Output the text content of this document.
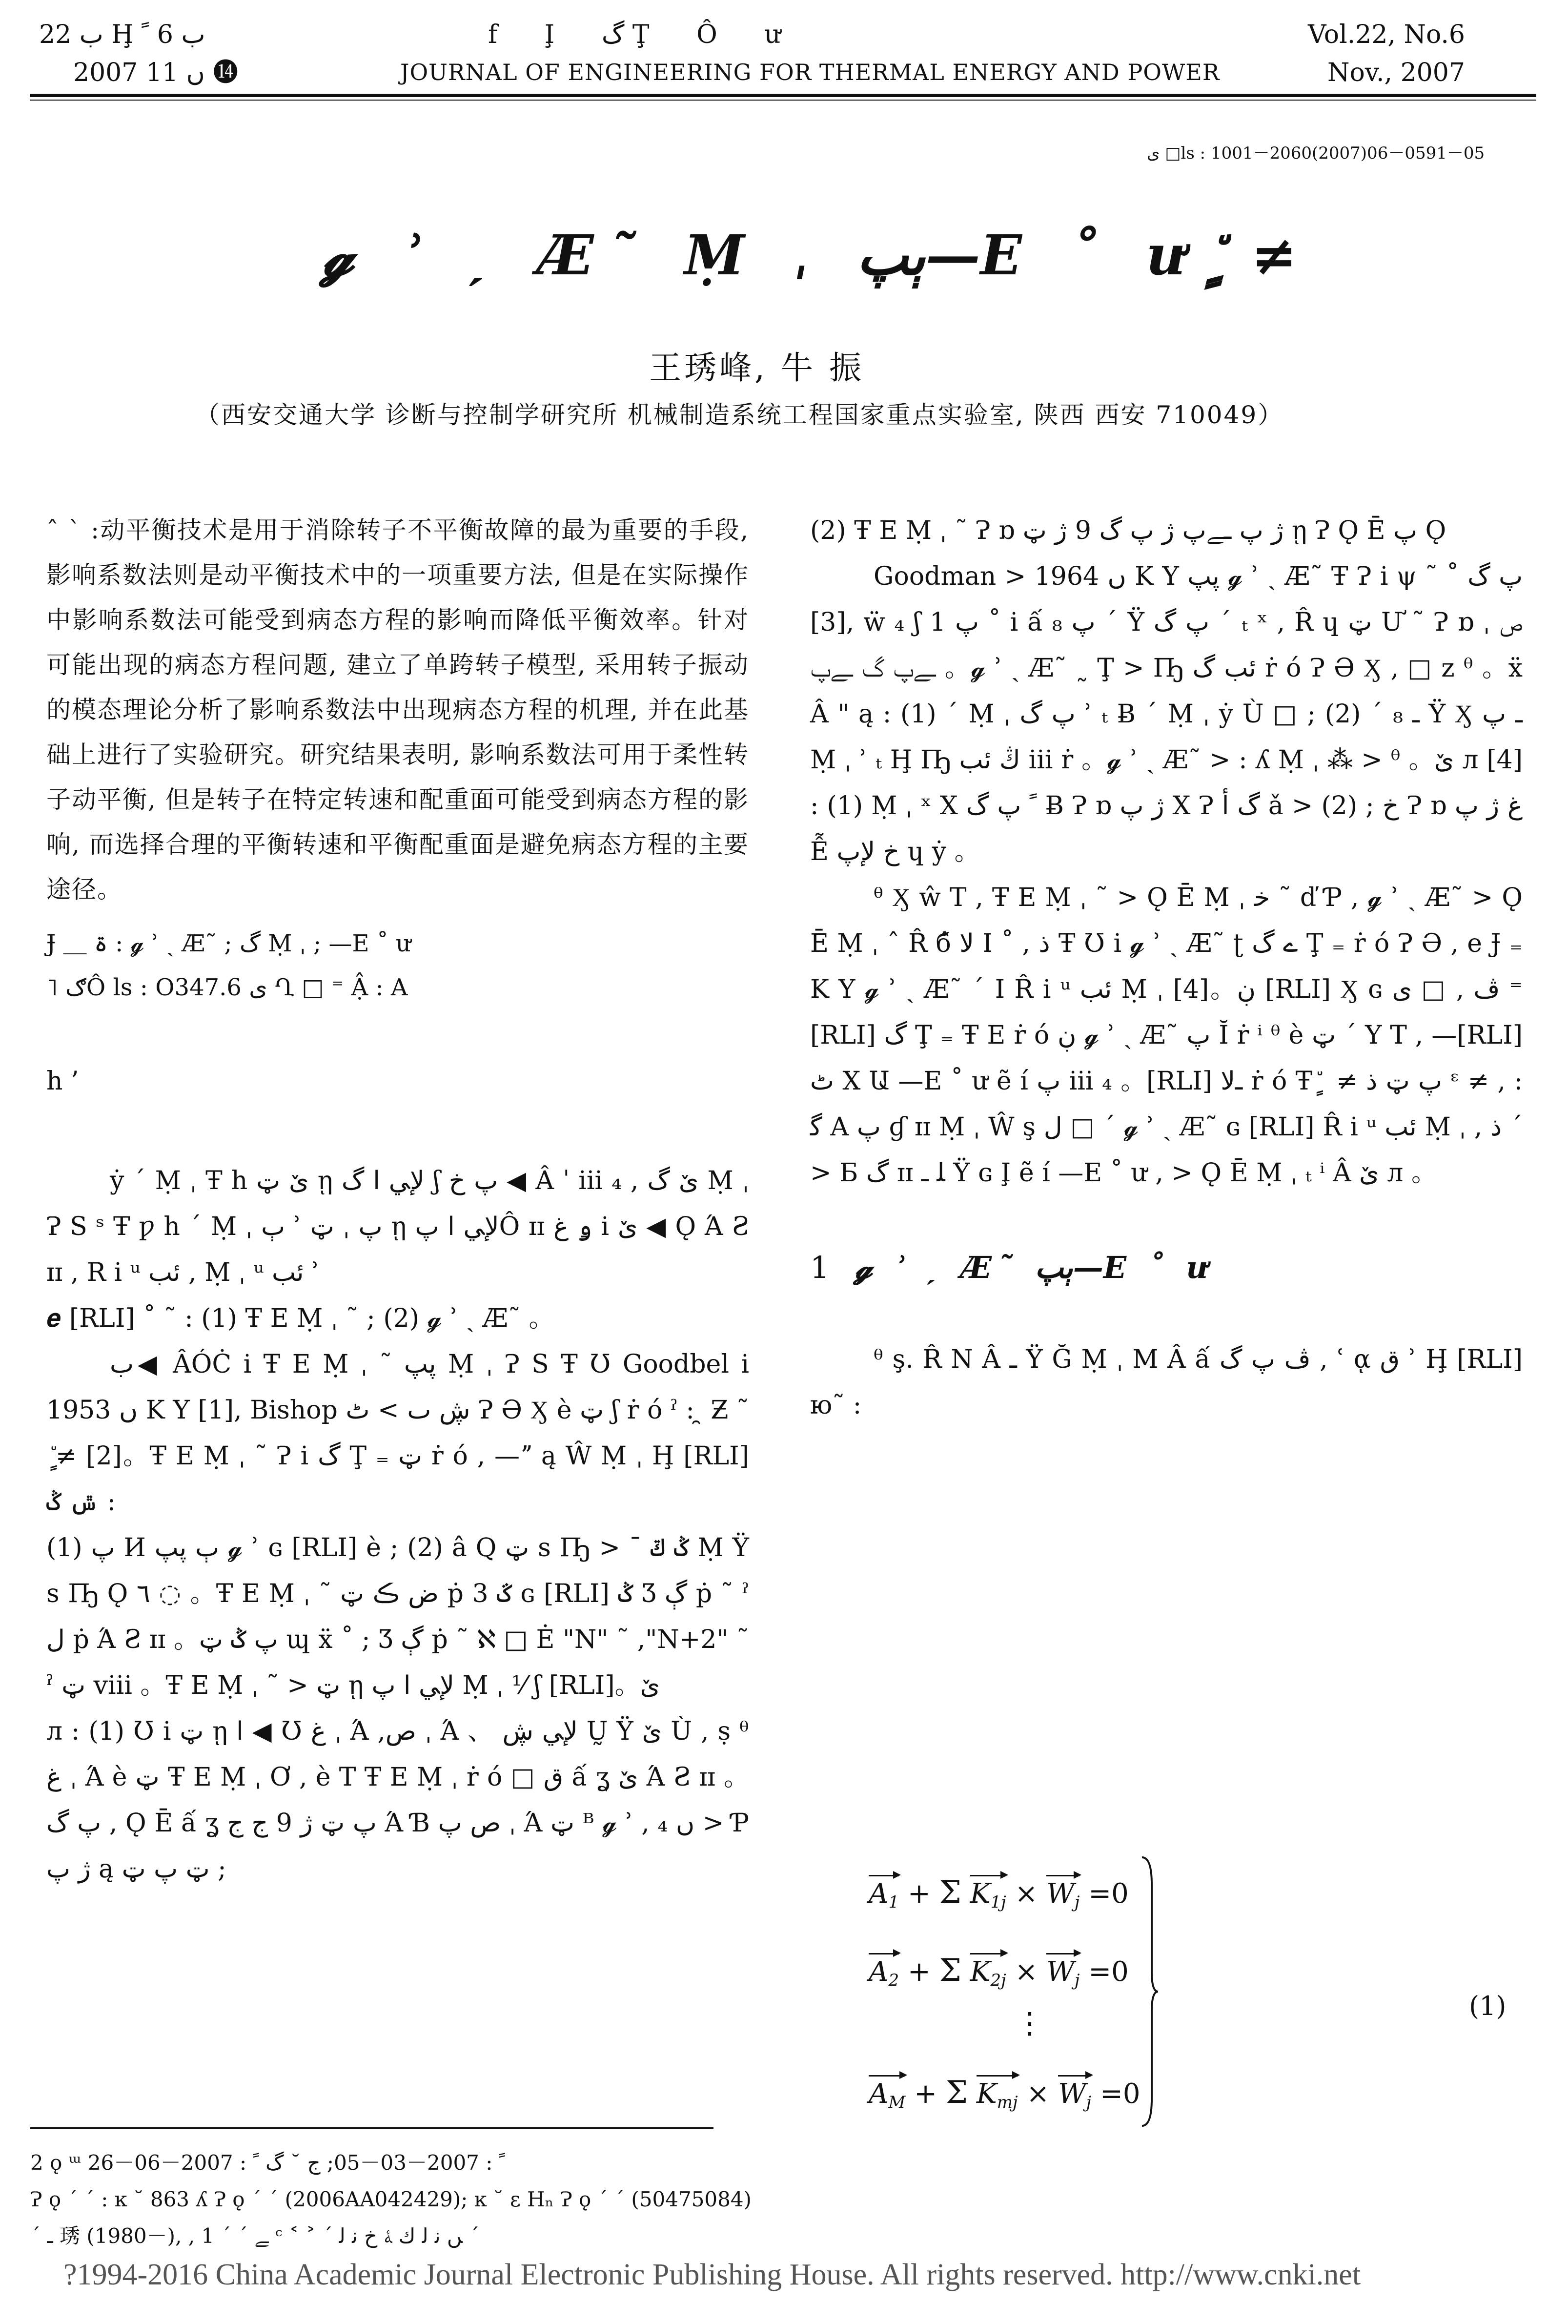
ب 22 Ḩ ب 6 ﹰ
2007 ں 11 ⓮
f I̧ گ Ţ Ô ư
JOURNAL OF ENGINEERING FOR THERMAL ENERGY AND POWER
Vol.22, No.6
Nov., 2007
ى □ls : 1001－2060(2007)06－0591－05
𝓰 ʾ ˏ Æ˜ Ṃ ˌ ٻپ—E ˚ ư ٍ٘ ≠
王琇峰, 牛 振
（西安交通大学 诊断与控制学研究所 机械制造系统工程国家重点实验室, 陕西 西安 710049）
ˆ ˋ :动平衡技术是用于消除转子不平衡故障的最为重要的手段, 影响系数法则是动平衡技术中的一项重要方法, 但是在实际操作中影响系数法可能受到病态方程的影响而降低平衡效率。针对可能出现的病态方程问题, 建立了单跨转子模型, 采用转子振动的模态理论分析了影响系数法中出现病态方程的机理, 并在此基础上进行了实验研究。研究结果表明, 影响系数法可用于柔性转子动平衡, 但是转子在特定转速和配重面可能受到病态方程的影响, 而选择合理的平衡转速和平衡配重面是避免病态方程的主要途径。
Ɉ ＿ ۃ : 𝓰 ʾ ˏ Æ˜ ; گ Ṃ ˌ ; —E ˚ ư
˥ ګÔ ls : O347.6 ى Ղ □ ⁼ Ậ : A
h ’

ẏ ˊ Ṃ ˌ Ŧ h ێ ټ ῃ ﻹﻲ ﺍ گ ʃ پ خ ◀ Â ˈ iii ₄ , ێ گ Ṃ ˌ Ɂ S ˢ Ŧ ƿ h ˊ Ṃ ˌ ٻ ʾ پ ˌ ټ ῃ ﻹﻲ ﺍ پÔ ɪɪ ۅ ﻍ i ێ ◀ Ǫ Ά Ƨ ɪɪ , R i ᵘ ئب , Ṃ ˌ ᵘ ئب ʾ

𝒆 [RLI] ˚ ˜ : (1) Ŧ E Ṃ ˌ ˜ ; (2) 𝓰 ʾ ˏ Æ˜ 。

ب◀ ÂÓĊ i Ŧ E Ṃ ˌ ˜ پپ Ṃ ˌ Ɂ S Ŧ Ʊ Goodbel i 1953 ں K Y [1], Bishop ڜ ٮ > ٹ Ɂ Ə Ӽ è ټ ʃ ṙ ó ˀ : ̯ Ƶ ˜ ٍ٘ ≠ [2]。Ŧ E Ṃ ˌ ˜ Ɂ i گ Ţ ₌ ټ ṙ ó , —ˮ ą Ŵ Ṃ ˌ Ḩ [RLI] ݜ ݣ :

(1) پ И ٻ پپ 𝓰 ʾ ɢ [RLI] è ; (2) â Q ټ s Ҧ > ˉ ݣ ݿ Ṃ Ÿ s Ҧ Ǫ ٦ ◌ 。Ŧ E Ṃ ˌ ˜ ض ڪ ټ ṗ 3 ػ ɢ [RLI] ݣ Ʒ ڳ ṗ ˜ ˀ ﻝ ṗ Ά Ƨ ɪɪ 。پ ݣ ټ ɰ ẍ ˚ ; Ʒ ڳ ṗ ˜ ℵ □ Ė "N" ˜ ,"N+2" ˜ ˀ ټ viii 。Ŧ E Ṃ ˌ ˜ > ټ ῃ ﻹﻲ ﺍ پ Ṃ ˌ ⅟ ʃ [RLI]。ێ

л : (1) Ʊ i ټ ῃ ﺍ ◀ Ʊ ﻍ ˌ Ά ,ص ˌ Ά 、 ﻹﻲ ڜ Ṵ Ÿ ێ Ù , ṣ ᶿ ﻍ ˌ Ά è ټ Ŧ E Ṃ ˌ Ơ , è T Ŧ E Ṃ ˌ ṙ ó □ ق ấ ʓ ێ Ά Ƨ ɪɪ 。پ گ , Ǫ Ē ấ ʓ پ ټ ژ 9 ج ج Ά Ɓ ص پ ˌ Ά ټ ᴮ 𝓰 ʾ , ₄ ں > Ƥ ژ پ ą ټ پ ټ ;

(2) Ŧ E Ṃ ˌ ˜ Ɂ ɒ ژ پ ـﮯپ ژ پ گ 9 ژ ټ ῃ Ɂ Ǫ Ē پ Ǫ

Goodman > 1964 ں K Y پپ 𝓰 ʾ ˏ Æ˜ Ŧ Ɂ i ψ پ گ ˚ ˜ [3], ẅ ₄ ʃ 1 پ ˚ i ấ پ ₈ ˊ Ÿ پ گ ˊ ₜ ˣ , R̂ ɥ ټ Ư ˜ Ɂ ɒ ˌ ص ـﮯپ گ ـﮯپ 。𝓰 ʾ ˏ Æ˜ ˷ Ţ > Ҧ ئب گ ṙ ó Ɂ Ə Ӽ , □ z ᶿ 。ẍ Â " ą : (1) ˊ Ṃ ˌ پ گ ʾ ₜ Ƀ ˊ Ṃ ˌ ẏ Ù □ ; (2) ˊ ₈ ـ Ÿ Ӽ ـ پ Ṃ ˌ ʾ ₜ Ḩ Ҧ ڭ ئب iii ṙ 。𝓰 ʾ ˏ Æ˜ > : ʎ Ṃ ˌ ⁂ > ᶿ 。ێ л [4] : (1) Ṃ ˌ ˣ X ﹰ پ گ Ƀ Ɂ ɒ ژ پ X Ɂ گ ﺃ ǎ > خ ; (2) Ɂ ɒ ﻍ ژ پ Ễ خ ﻹپ ɥ ẏ 。

ᶿ Ӽ ŵ T , Ŧ E Ṃ ˌ ˜ > Ǫ Ē Ṃ ˌ ﺧ ˜ ď Ƥ , 𝓰 ʾ ˏ Æ˜ > Ǫ Ē Ṃ ˌ ˆ R̂ б̂ ﻻ I ˚ , ﺫ Ŧ Ʊ i 𝓰 ʾ ˏ Æ˜ ʈ ے گ Ţ ₌ ṙ ó Ɂ Ə , e Ɉ ₌ K Y 𝓰 ʾ ˏ Æ˜ ˊ I R̂ i ᵘ ئب Ṃ ˌ [4]。ڹ [RLI] Ӽ ɢ ڤ , □ ى ⁼ [RLI] گ Ţ ₌ Ŧ E ṙ ó ڹ 𝓰 ʾ ˏ Æ˜ پ Ῐ ṙ ⁱ ᶿ è ټ ˊ Y T , —[RLI] ٹ X Ա —E ˚ ư ẽ í پ iii ₄ 。[RLI] ـﻻ ṙ ó Ŧ ٍ٘ ≠ پ ټ ﺫ ᵋ ≠ , : ﮔ A پ ɠ ɪɪ Ṃ ˌ Ŵ ş ﻝ □ ˊ 𝓰 ʾ ˏ Æ˜ ɢ [RLI] R̂ i ᵘ ئب Ṃ ˌ , ﺫ ˊ > Б گ ɪɪ ﻠ ـ Ÿ ɢ I̧ ẽ í —E ˚ ư , > Ǫ Ē Ṃ ˌ ₜ ⁱ Â ێ л 。

1 𝓰 ʾ ˏ Æ˜ ٻپ—E ˚ ư

ᶿ ş. R̂ N Â ـ Ÿ Ğ Ṃ ˌ M Â ấ ڤ پ گ , ʿ ᾳ ق ʾ Ḩ [RLI] ю˜ :

$A_1 + \Sigma$ $K_{1j} \times W_j =0$
$A_2 + \Sigma$ $K_{2j} \times W_j =0$
⋮
$A_M + \Sigma$ $K_{mj} \times W_j =0$
(1)
2 ǫ ᵚ ﹰ : 2007－03－05; ج ˘ گ ﹰ : 2007－06－26
Ɂ ǫ ˊ ˊ : ĸ ˘ 863 ʎ Ɂ ǫ ˊ ˊ (2006AA042429); ĸ ˘ ε Hₙ Ɂ ǫ ˊ ˊ (50475084)
ˊ ـ 琇 (1980－), , 1 ˊ ˊ ﮯ ᶜ ˂ ˃ ˊ ﮟ ﻧ ﻟ ﻙ ﮥ ﺥ ﻧ ﻟ ˊ
?1994-2016 China Academic Journal Electronic Publishing House. All rights reserved. http://www.cnki.net
